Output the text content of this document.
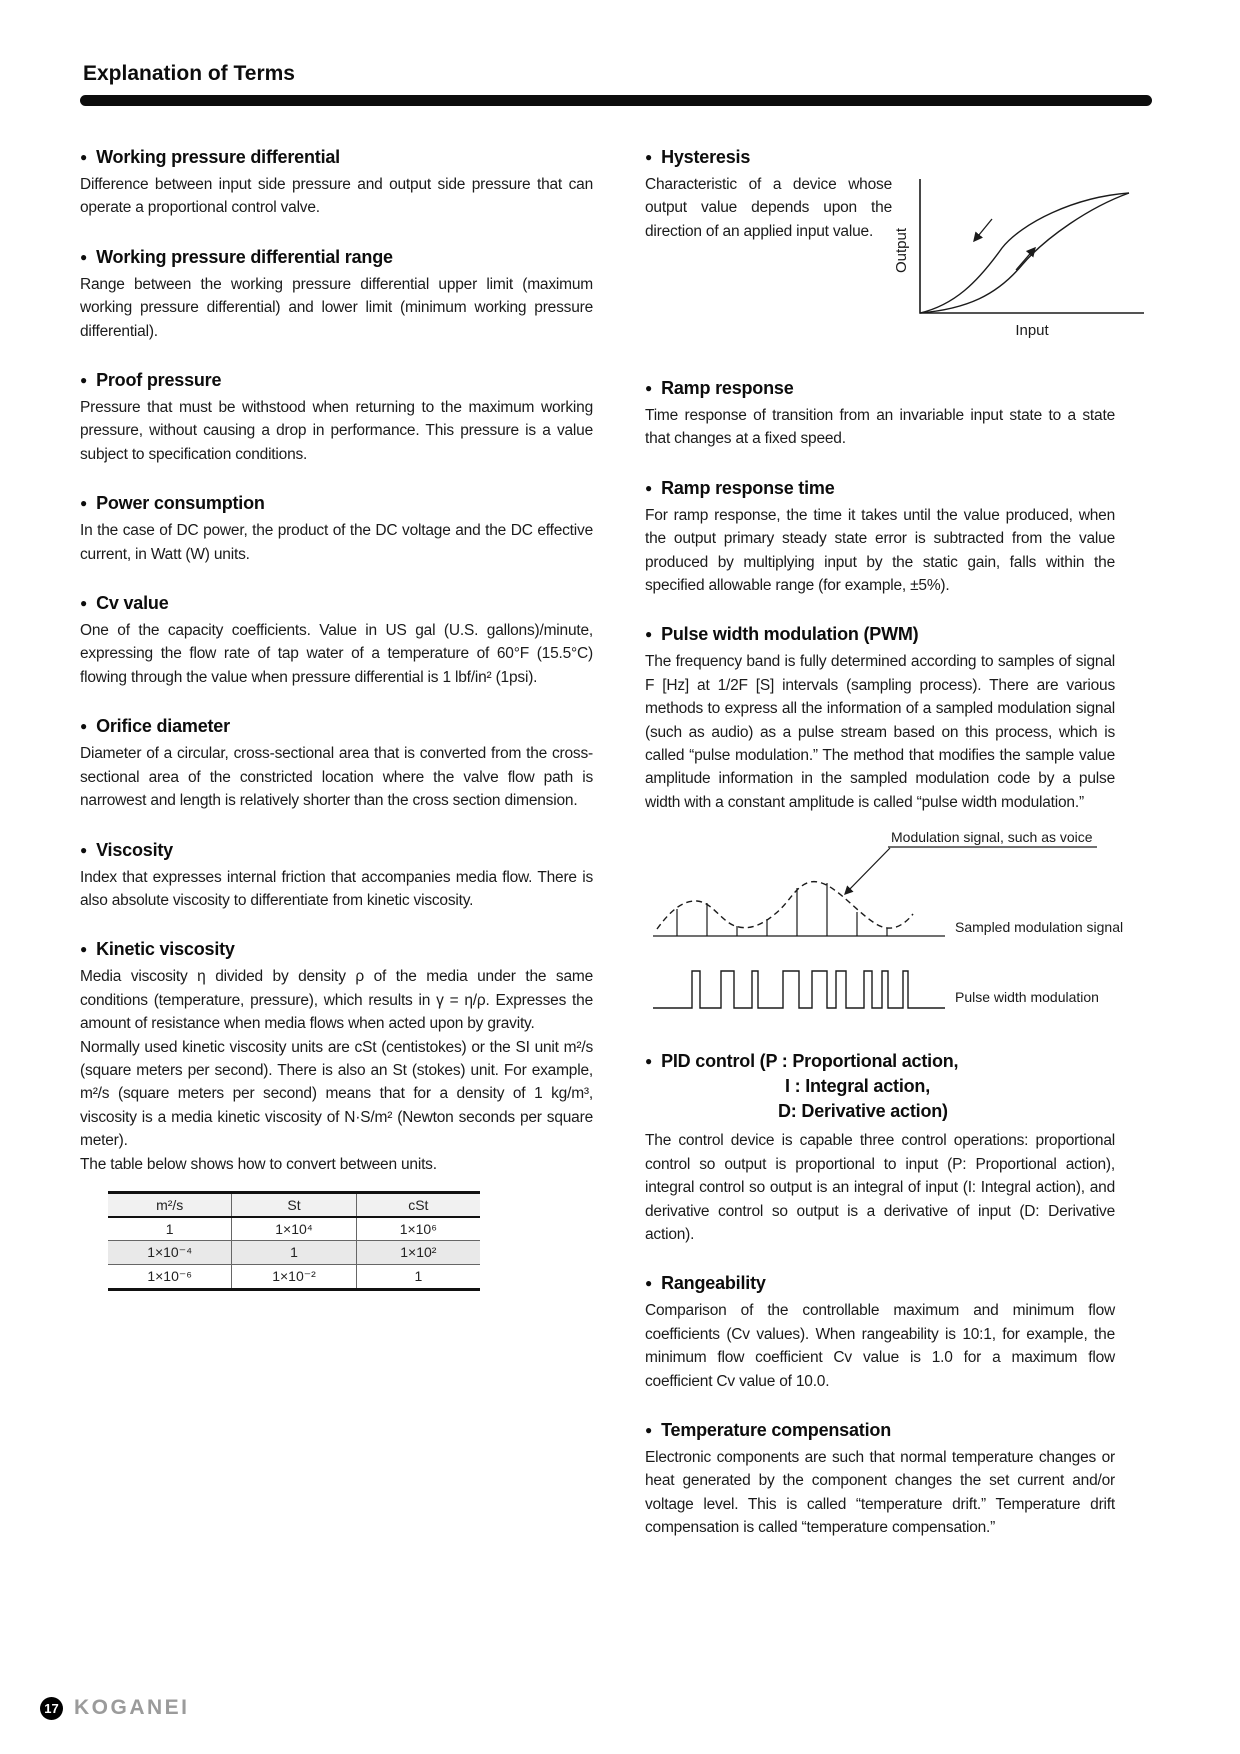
Explanation of Terms
● Working pressure differential

Difference between input side pressure and output side pressure that can operate a proportional control valve.

● Working pressure differential range

Range between the working pressure differential upper limit (maximum working pressure differential) and lower limit (minimum working pressure differential).

● Proof pressure

Pressure that must be withstood when returning to the maximum working pressure, without causing a drop in performance. This pressure is a value subject to specification conditions.

● Power consumption

In the case of DC power, the product of the DC voltage and the DC effective current, in Watt (W) units.

● Cv value

One of the capacity coefficients. Value in US gal (U.S. gallons)/minute, expressing the flow rate of tap water of a temperature of 60°F (15.5°C) flowing through the value when pressure differential is 1 lbf/in² (1psi).

● Orifice diameter

Diameter of a circular, cross-sectional area that is converted from the cross-sectional area of the constricted location where the valve flow path is narrowest and length is relatively shorter than the cross section dimension.

● Viscosity

Index that expresses internal friction that accompanies media flow. There is also absolute viscosity to differentiate from kinetic viscosity.

● Kinetic viscosity

Media viscosity η divided by density ρ of the media under the same conditions (temperature, pressure), which results in γ = η/ρ. Expresses the amount of resistance when media flows when acted upon by gravity.

Normally used kinetic viscosity units are cSt (centistokes) or the SI unit m²/s (square meters per second). There is also an St (stokes) unit. For example, m²/s (square meters per second) means that for a density of 1 kg/m³, viscosity is a media kinetic viscosity of N·S/m² (Newton seconds per square meter).

The table below shows how to convert between units.

m²/s	St	cSt
1	1×10⁴	1×10⁶
1×10⁻⁴	1	1×10²
1×10⁻⁶	1×10⁻²	1
● Hysteresis

Characteristic of a device whose output value depends upon the direction of an applied input value.	Output
Input
● Ramp response

Time response of transition from an invariable input state to a state that changes at a fixed speed.

● Ramp response time

For ramp response, the time it takes until the value produced, when the output primary steady state error is subtracted from the value produced by multiplying input by the static gain, falls within the specified allowable range (for example, ±5%).

● Pulse width modulation (PWM)

The frequency band is fully determined according to samples of signal F [Hz] at 1/2F [S] intervals (sampling process). There are various methods to express all the information of a sampled modulation signal (such as audio) as a pulse stream based on this process, which is called “pulse modulation.” The method that modifies the sample value amplitude information in the sampled modulation code by a pulse width with a constant amplitude is called “pulse width modulation.”

Modulation signal, such as voice
Sampled modulation signal
Pulse width modulation
● PID control (P : Proportional action,
I : Integral action,
D: Derivative action)

The control device is capable three control operations: proportional control so output is proportional to input (P: Proportional action), integral control so output is an integral of input (I: Integral action), and derivative control so output is a derivative of input (D: Derivative action).

● Rangeability

Comparison of the controllable maximum and minimum flow coefficients (Cv values). When rangeability is 10:1, for example, the minimum flow coefficient Cv value is 1.0 for a maximum flow coefficient Cv value of 10.0.

● Temperature compensation

Electronic components are such that normal temperature changes or heat generated by the component changes the set current and/or voltage level. This is called “temperature drift.” Temperature drift compensation is called “temperature compensation.”

17 KOGANEI
